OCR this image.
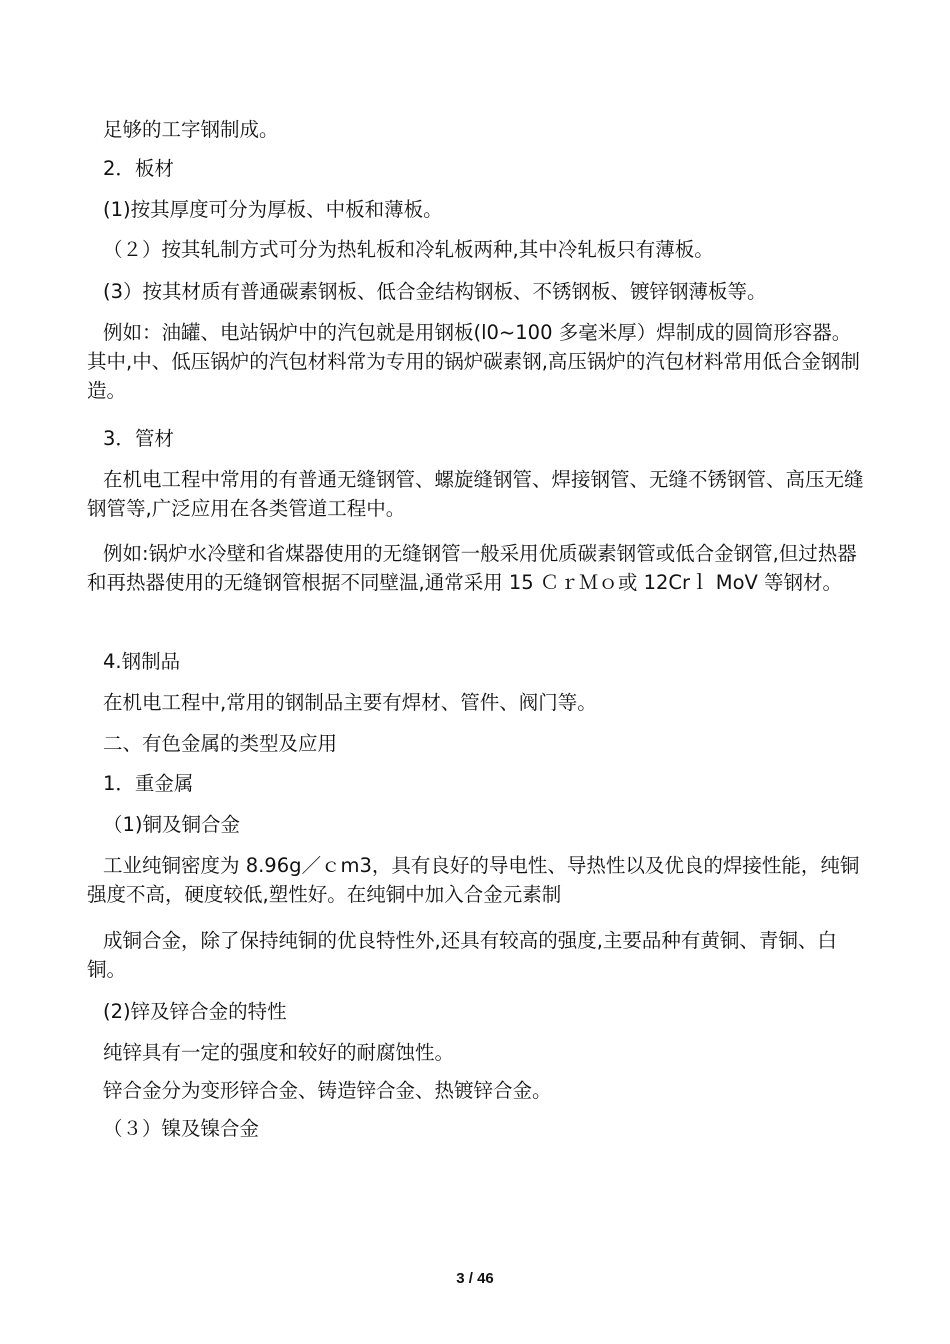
足够的工字钢制成。
2．板材
(1)按其厚度可分为厚板、中板和薄板。
（２）按其轧制方式可分为热轧板和冷轧板两种,其中冷轧板只有薄板。
(3）按其材质有普通碳素钢板、低合金结构钢板、不锈钢板、镀锌钢薄板等。
例如：油罐、电站锅炉中的汽包就是用钢板(l0~100 多毫米厚）焊制成的圆筒形容器。其中,中、低压锅炉的汽包材料常为专用的锅炉碳素钢,高压锅炉的汽包材料常用低合金钢制造。
3．管材
在机电工程中常用的有普通无缝钢管、螺旋缝钢管、焊接钢管、无缝不锈钢管、高压无缝钢管等,广泛应用在各类管道工程中。
例如:锅炉水冷壁和省煤器使用的无缝钢管一般采用优质碳素钢管或低合金钢管,但过热器和再热器使用的无缝钢管根据不同壁温,通常采用 15 ＣｒＭｏ或 12Crｌ MoV 等钢材。
4.钢制品
在机电工程中,常用的钢制品主要有焊材、管件、阀门等。
二、有色金属的类型及应用
1．重金属
（1)铜及铜合金
工业纯铜密度为 8.96g／ｃm3，具有良好的导电性、导热性以及优良的焊接性能，纯铜强度不高，硬度较低,塑性好。在纯铜中加入合金元素制
成铜合金，除了保持纯铜的优良特性外,还具有较高的强度,主要品种有黄铜、青铜、白铜。
(2)锌及锌合金的特性
纯锌具有一定的强度和较好的耐腐蚀性。
锌合金分为变形锌合金、铸造锌合金、热镀锌合金。
（３）镍及镍合金
3 / 46
